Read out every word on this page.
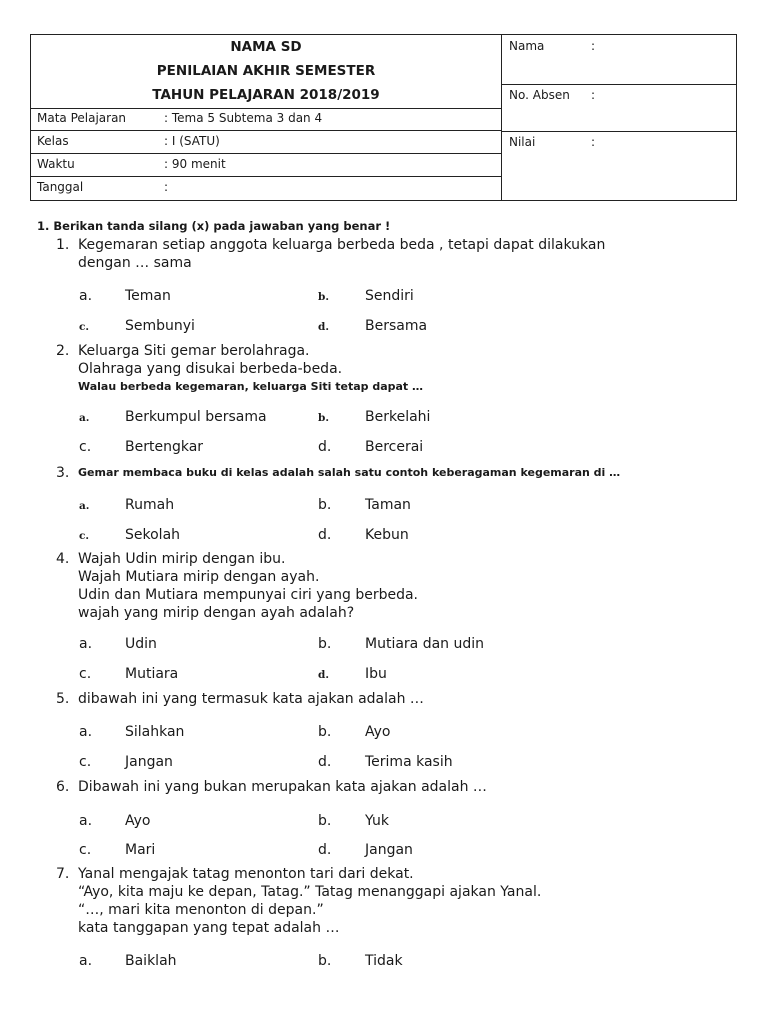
NAMA SD
PENILAIAN AKHIR SEMESTER
TAHUN PELAJARAN 2018/2019
Mata Pelajaran	: Tema 5 Subtema 3 dan 4
Kelas	: I (SATU)
Waktu	: 90 menit
Tanggal	:
Nama	:
No. Absen :
Nilai	:
1. Berikan tanda silang (x) pada jawaban yang benar !
1. Kegemaran setiap anggota keluarga berbeda beda , tetapi dapat dilakukan
dengan … sama
a. Teman	b.	Sendiri
c.	Sembunyi	d.	Bersama
2. Keluarga Siti gemar berolahraga.
Olahraga yang disukai berbeda-beda.
Walau berbeda kegemaran, keluarga Siti tetap dapat …
a.	Berkumpul bersama	b.	Berkelahi
c. Bertengkar	d. Bercerai
3. Gemar membaca buku di kelas adalah salah satu contoh keberagaman kegemaran di …
a.	Rumah	b. Taman
c.	Sekolah	d. Kebun
4. Wajah Udin mirip dengan ibu.
Wajah Mutiara mirip dengan ayah.
Udin dan Mutiara mempunyai ciri yang berbeda.
wajah yang mirip dengan ayah adalah?
a. Udin	b. Mutiara dan udin
c. Mutiara	d.	Ibu
5. dibawah ini yang termasuk kata ajakan adalah …
a. Silahkan	b. Ayo
c. Jangan	d. Terima kasih
6. Dibawah ini yang bukan merupakan kata ajakan adalah …
a. Ayo	b. Yuk
c. Mari	d. Jangan
7. Yanal mengajak tatag menonton tari dari dekat.
“Ayo, kita maju ke depan, Tatag.” Tatag menanggapi ajakan Yanal.
“…, mari kita menonton di depan.”
kata tanggapan yang tepat adalah …
a. Baiklah	b. Tidak
